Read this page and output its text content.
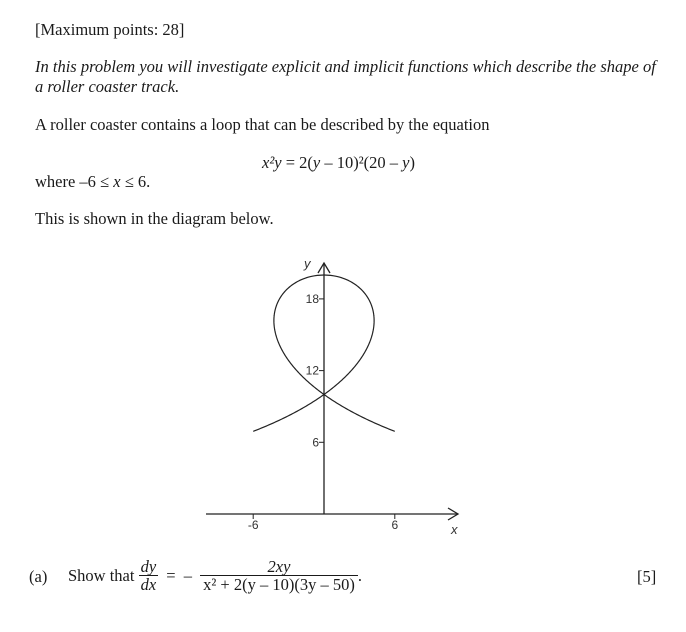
[Maximum points: 28]
In this problem you will investigate explicit and implicit functions which describe the shape of a roller coaster track.
A roller coaster contains a loop that can be described by the equation
x²y = 2(y – 10)²(20 – y)
where –6 ≤ x ≤ 6.
This is shown in the diagram below.
-6	6
6
12
18
x
y
(a) Show that $\frac{dy}{dx}$ = – $\frac{2xy}{\text{x² + 2(y – 10)(3y – 50)}}$ .	[5]
